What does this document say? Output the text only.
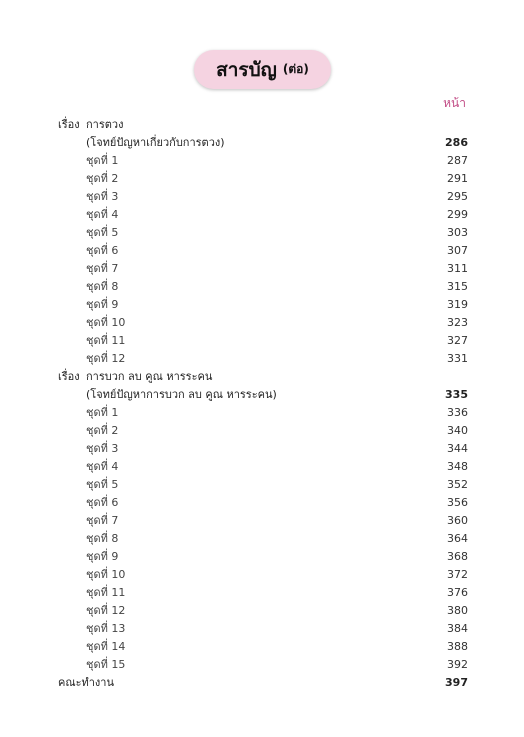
สารบัญ (ต่อ)
หน้า
เรื่อง การตวง
(โจทย์ปัญหาเกี่ยวกับการตวง)	286
ชุดที่ 1	287
ชุดที่ 2	291
ชุดที่ 3	295
ชุดที่ 4	299
ชุดที่ 5	303
ชุดที่ 6	307
ชุดที่ 7	311
ชุดที่ 8	315
ชุดที่ 9	319
ชุดที่ 10	323
ชุดที่ 11	327
ชุดที่ 12	331
เรื่อง การบวก ลบ คูณ หารระคน
(โจทย์ปัญหาการบวก ลบ คูณ หารระคน)	335
ชุดที่ 1	336
ชุดที่ 2	340
ชุดที่ 3	344
ชุดที่ 4	348
ชุดที่ 5	352
ชุดที่ 6	356
ชุดที่ 7	360
ชุดที่ 8	364
ชุดที่ 9	368
ชุดที่ 10	372
ชุดที่ 11	376
ชุดที่ 12	380
ชุดที่ 13	384
ชุดที่ 14	388
ชุดที่ 15	392
คณะทำงาน	397
